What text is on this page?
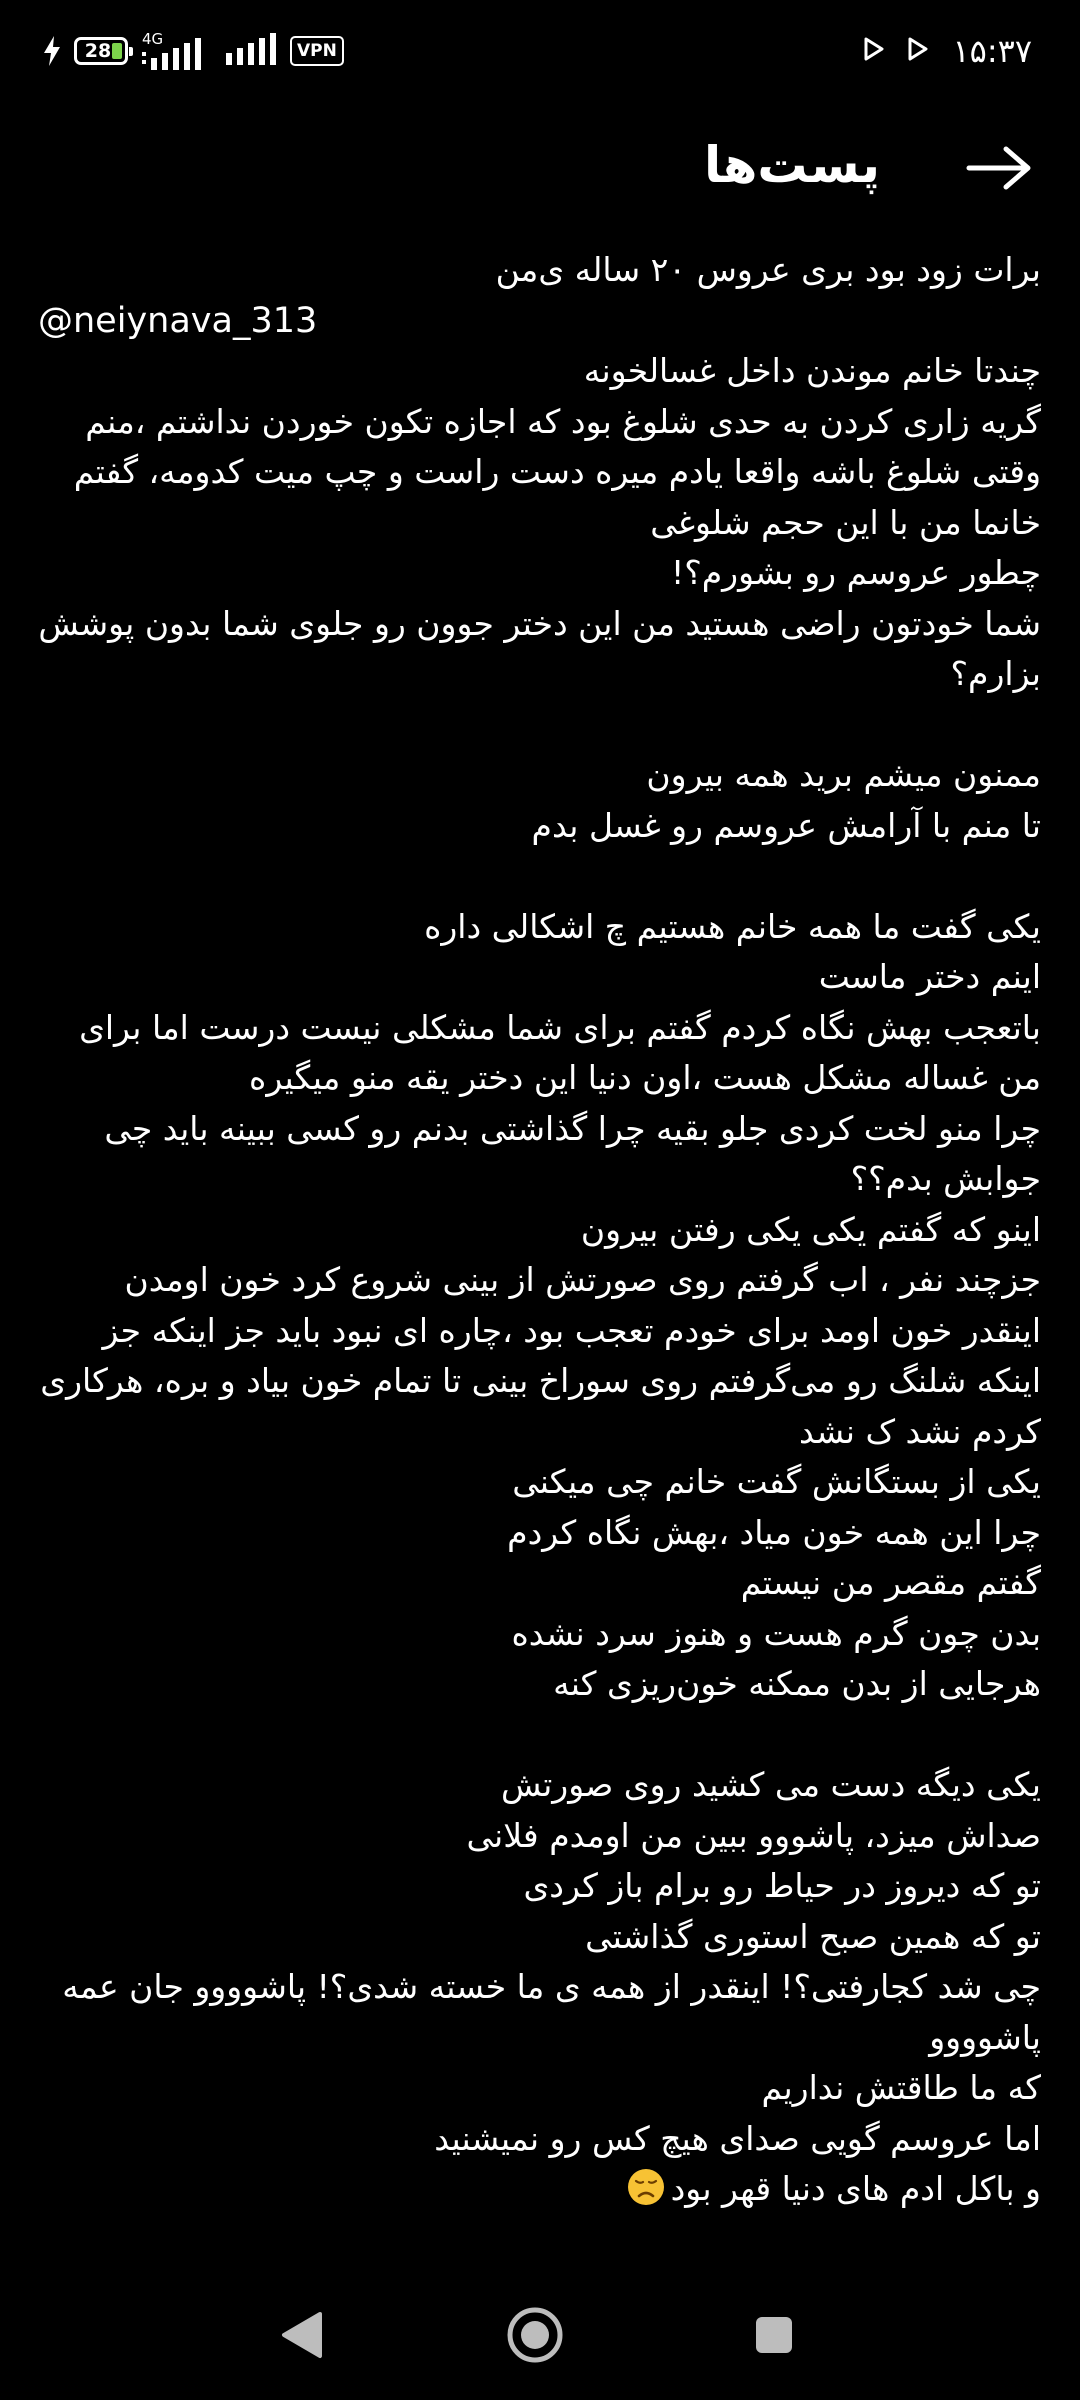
28
4G
VPN	۱۵:۳۷
پست‌ها

برات زود بود بری عروس ۲۰ ساله ی‌من

@neiynava_313

چندتا خانم موندن داخل غسالخونه

گریه زاری کردن به حدی شلوغ بود که اجازه تکون خوردن نداشتم ،منم وقتی شلوغ باشه واقعا یادم میره دست راست و چپ میت کدومه، گفتم خانما من با این حجم شلوغی

چطور عروسم رو بشورم؟!

شما خودتون راضی هستید من این دختر جوون رو جلوی شما بدون پوشش بزارم؟

ممنون میشم برید همه بیرون

تا منم با آرامش عروسم رو غسل بدم

یکی گفت ما همه خانم هستیم چ اشکالی داره

اینم دختر ماست

باتعجب بهش نگاه کردم گفتم برای شما مشکلی نیست درست اما برای من غساله مشکل هست ،اون دنیا این دختر یقه منو میگیره

چرا منو لخت کردی جلو بقیه چرا گذاشتی بدنم رو کسی ببینه باید چی جوابش بدم؟؟

اینو که گفتم یکی یکی رفتن بیرون

جزچند نفر ، اب گرفتم روی صورتش از بینی شروع کرد خون اومدن اینقدر خون اومد برای خودم تعجب بود ،چاره ای نبود باید جز اینکه جز اینکه شلنگ رو می‌گرفتم روی سوراخ بینی تا تمام خون بیاد و بره، هرکاری کردم نشد ک نشد

یکی از بستگانش گفت خانم چی میکنی

چرا این همه خون میاد ،بهش نگاه کردم

گفتم مقصر من نیستم

بدن چون گرم هست و هنوز سرد نشده

هرجایی از بدن ممکنه خون‌ریزی کنه

یکی دیگه دست می کشید روی صورتش

صداش میزد، پاشووو ببین من اومدم فلانی

تو که دیروز در حیاط رو برام باز کردی

تو که همین صبح استوری گذاشتی

چی شد کجارفتی؟! اینقدر از همه ی ما خسته شدی؟! پاشوووو جان عمه پاشوووو

که ما طاقتش نداریم

اما عروسم گویی صدای هیچ کس رو نمیشنید

و باکل ادم های دنیا قهر بود
